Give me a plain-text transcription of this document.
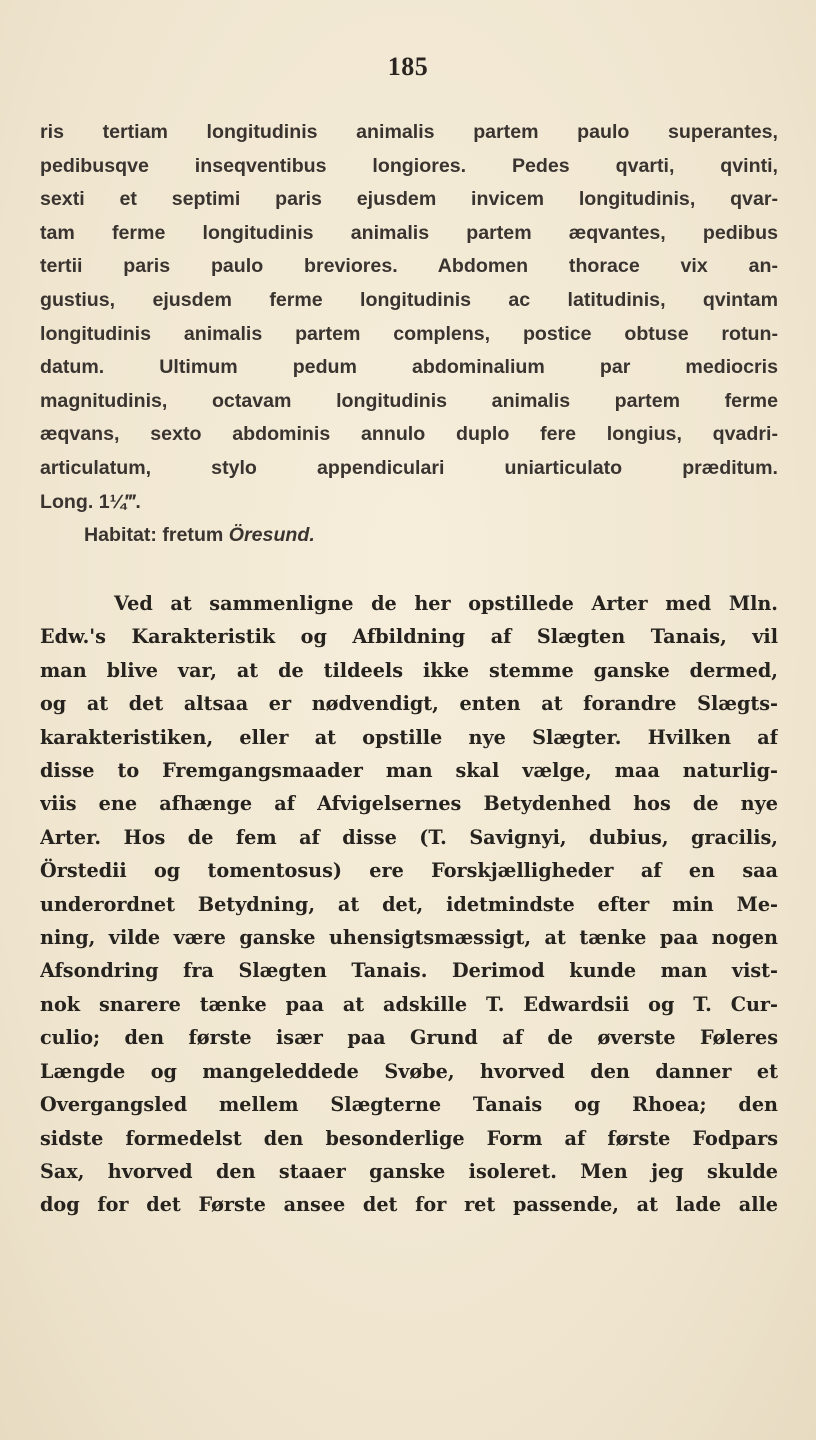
185
ris tertiam longitudinis animalis partem paulo superantes,
pedibusqve inseqventibus longiores. Pedes qvarti, qvinti,
sexti et septimi paris ejusdem invicem longitudinis, qvar-
tam ferme longitudinis animalis partem æqvantes, pedibus
tertii paris paulo breviores. Abdomen thorace vix an-
gustius, ejusdem ferme longitudinis ac latitudinis, qvintam
longitudinis animalis partem complens, postice obtuse rotun-
datum. Ultimum pedum abdominalium par mediocris
magnitudinis, octavam longitudinis animalis partem ferme
æqvans, sexto abdominis annulo duplo fere longius, qvadri-
articulatum, stylo appendiculari uniarticulato præditum.
Long. 1¼‴.
Habitat: fretum Öresund.
Ved at sammenligne de her opstillede Arter med Mln.
Edw.'s Karakteristik og Afbildning af Slægten Tanais, vil
man blive var, at de tildeels ikke stemme ganske dermed,
og at det altsaa er nødvendigt, enten at forandre Slægts-
karakteristiken, eller at opstille nye Slægter. Hvilken af
disse to Fremgangsmaader man skal vælge, maa naturlig-
viis ene afhænge af Afvigelsernes Betydenhed hos de nye
Arter. Hos de fem af disse (T. Savignyi, dubius, gracilis,
Örstedii og tomentosus) ere Forskjælligheder af en saa
underordnet Betydning, at det, idetmindste efter min Me-
ning, vilde være ganske uhensigtsmæssigt, at tænke paa nogen
Afsondring fra Slægten Tanais. Derimod kunde man vist-
nok snarere tænke paa at adskille T. Edwardsii og T. Cur-
culio; den første især paa Grund af de øverste Føleres
Længde og mangeleddede Svøbe, hvorved den danner et
Overgangsled mellem Slægterne Tanais og Rhoea; den
sidste formedelst den besonderlige Form af første Fodpars
Sax, hvorved den staaer ganske isoleret. Men jeg skulde
dog for det Første ansee det for ret passende, at lade alle
